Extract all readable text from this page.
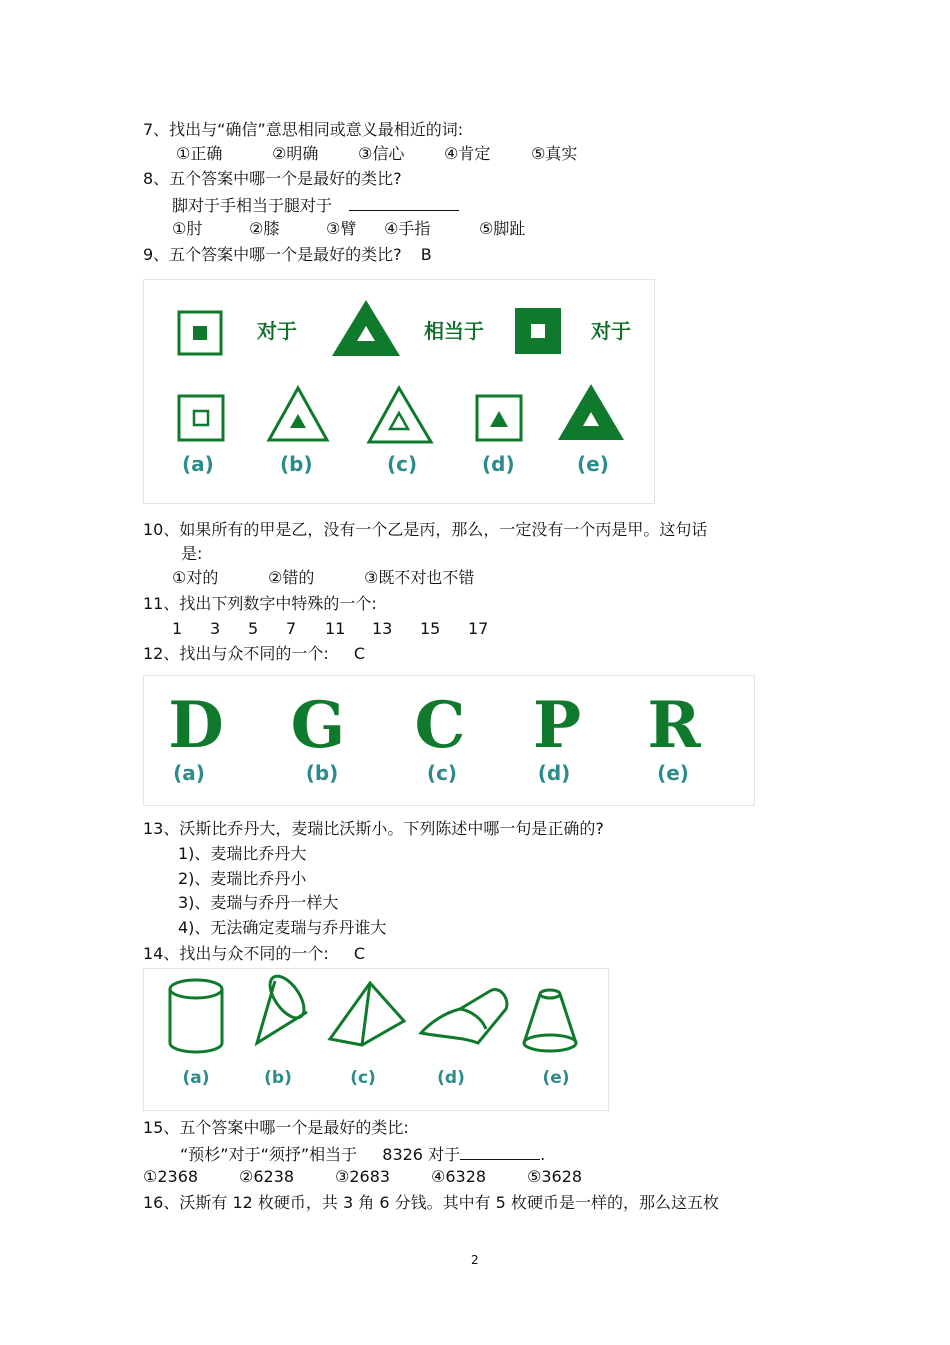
7、找出与“确信”意思相同或意义最相近的词:
①正确	②明确 ③信心 ④肯定	⑤真实
8、五个答案中哪一个是最好的类比?
脚对于手相当于腿对于
①肘	②膝	③臂 ④手指	⑤脚趾
9、五个答案中哪一个是最好的类比? B
对于	相当于	对于
(a)	(b)	(c)	(d)	(e)
10、如果所有的甲是乙，没有一个乙是丙，那么，一定没有一个丙是甲。这句话
是:
①对的	②错的	③既不对也不错
11、找出下列数字中特殊的一个:
1 3 5 7 11 13 15 17
12、找出与众不同的一个: C
D G C P R
(a)	(b)	(c)	(d)	(e)
13、沃斯比乔丹大，麦瑞比沃斯小。下列陈述中哪一句是正确的?
1)、麦瑞比乔丹大
2)、麦瑞比乔丹小
3)、麦瑞与乔丹一样大
4)、无法确定麦瑞与乔丹谁大
14、找出与众不同的一个: C
(a)	(b)	(c)	(d)	(e)
15、五个答案中哪一个是最好的类比:
“预杉”对于“须抒”相当于 8326 对于	.
①2368	②6238	③2683	④6328	⑤3628
16、沃斯有 12 枚硬币，共 3 角 6 分钱。其中有 5 枚硬币是一样的，那么这五枚
2
